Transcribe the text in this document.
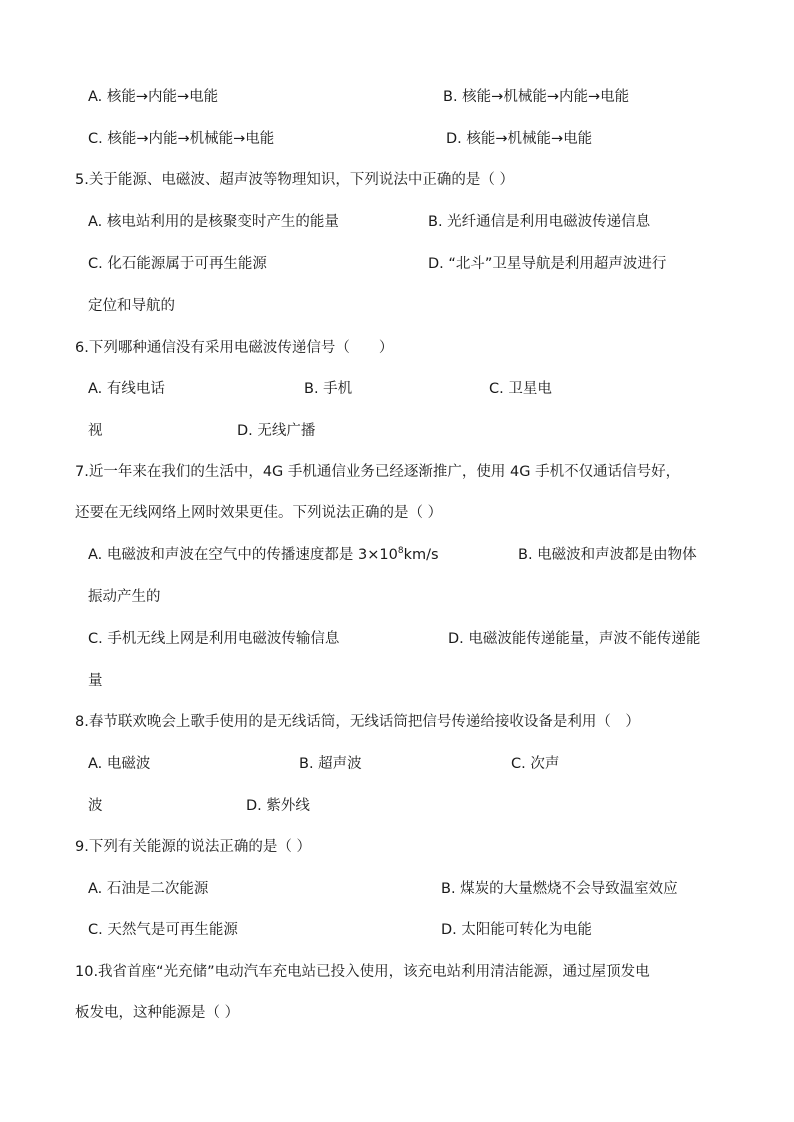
A. 核能→内能→电能	B. 核能→机械能→内能→电能
C. 核能→内能→机械能→电能	D. 核能→机械能→电能
5.关于能源、电磁波、超声波等物理知识，下列说法中正确的是（ ）
A. 核电站利用的是核聚变时产生的能量	B. 光纤通信是利用电磁波传递信息
C. 化石能源属于可再生能源	D. “北斗”卫星导航是利用超声波进行
定位和导航的
6.下列哪种通信没有采用电磁波传递信号（　　）
A. 有线电话	B. 手机	C. 卫星电
视	D. 无线广播
7.近一年来在我们的生活中，4G 手机通信业务已经逐渐推广，使用 4G 手机不仅通话信号好，
还要在无线网络上网时效果更佳。下列说法正确的是（ ）
A. 电磁波和声波在空气中的传播速度都是 $3\times 10^8km/s$	B. 电磁波和声波都是由物体
振动产生的
C. 手机无线上网是利用电磁波传输信息	D. 电磁波能传递能量，声波不能传递能
量
8.春节联欢晚会上歌手使用的是无线话筒，无线话筒把信号传递给接收设备是利用（　）
A. 电磁波	B. 超声波	C. 次声
波	D. 紫外线
9.下列有关能源的说法正确的是（ ）
A. 石油是二次能源	B. 煤炭的大量燃烧不会导致温室效应
C. 天然气是可再生能源	D. 太阳能可转化为电能
10.我省首座“光充储”电动汽车充电站已投入使用，该充电站利用清洁能源，通过屋顶发电
板发电，这种能源是（ ）
